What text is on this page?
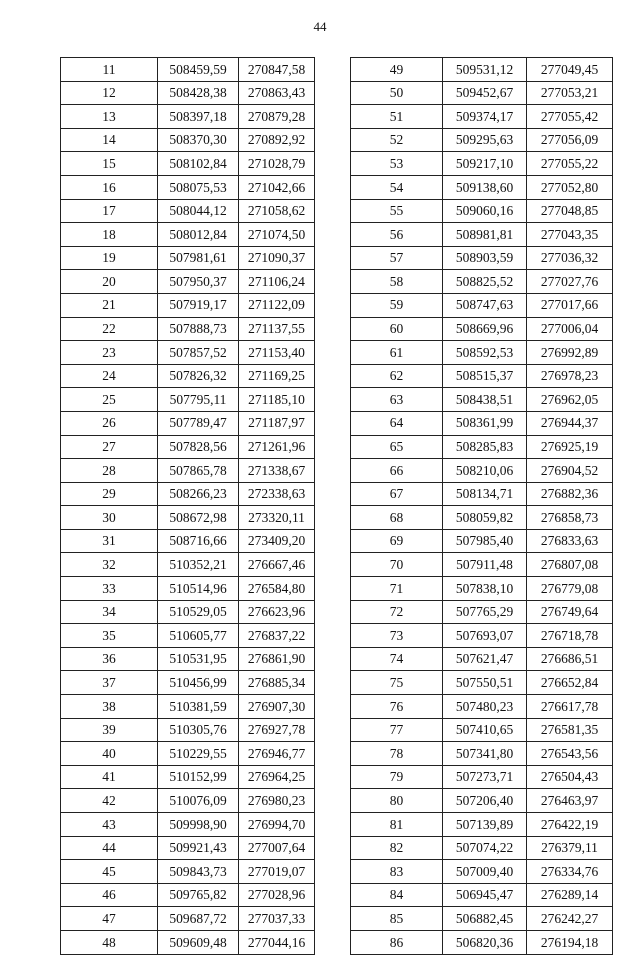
44
11	508459,59	270847,58
12	508428,38	270863,43
13	508397,18	270879,28
14	508370,30	270892,92
15	508102,84	271028,79
16	508075,53	271042,66
17	508044,12	271058,62
18	508012,84	271074,50
19	507981,61	271090,37
20	507950,37	271106,24
21	507919,17	271122,09
22	507888,73	271137,55
23	507857,52	271153,40
24	507826,32	271169,25
25	507795,11	271185,10
26	507789,47	271187,97
27	507828,56	271261,96
28	507865,78	271338,67
29	508266,23	272338,63
30	508672,98	273320,11
31	508716,66	273409,20
32	510352,21	276667,46
33	510514,96	276584,80
34	510529,05	276623,96
35	510605,77	276837,22
36	510531,95	276861,90
37	510456,99	276885,34
38	510381,59	276907,30
39	510305,76	276927,78
40	510229,55	276946,77
41	510152,99	276964,25
42	510076,09	276980,23
43	509998,90	276994,70
44	509921,43	277007,64
45	509843,73	277019,07
46	509765,82	277028,96
47	509687,72	277037,33
48	509609,48	277044,16
49	509531,12	277049,45
50	509452,67	277053,21
51	509374,17	277055,42
52	509295,63	277056,09
53	509217,10	277055,22
54	509138,60	277052,80
55	509060,16	277048,85
56	508981,81	277043,35
57	508903,59	277036,32
58	508825,52	277027,76
59	508747,63	277017,66
60	508669,96	277006,04
61	508592,53	276992,89
62	508515,37	276978,23
63	508438,51	276962,05
64	508361,99	276944,37
65	508285,83	276925,19
66	508210,06	276904,52
67	508134,71	276882,36
68	508059,82	276858,73
69	507985,40	276833,63
70	507911,48	276807,08
71	507838,10	276779,08
72	507765,29	276749,64
73	507693,07	276718,78
74	507621,47	276686,51
75	507550,51	276652,84
76	507480,23	276617,78
77	507410,65	276581,35
78	507341,80	276543,56
79	507273,71	276504,43
80	507206,40	276463,97
81	507139,89	276422,19
82	507074,22	276379,11
83	507009,40	276334,76
84	506945,47	276289,14
85	506882,45	276242,27
86	506820,36	276194,18
